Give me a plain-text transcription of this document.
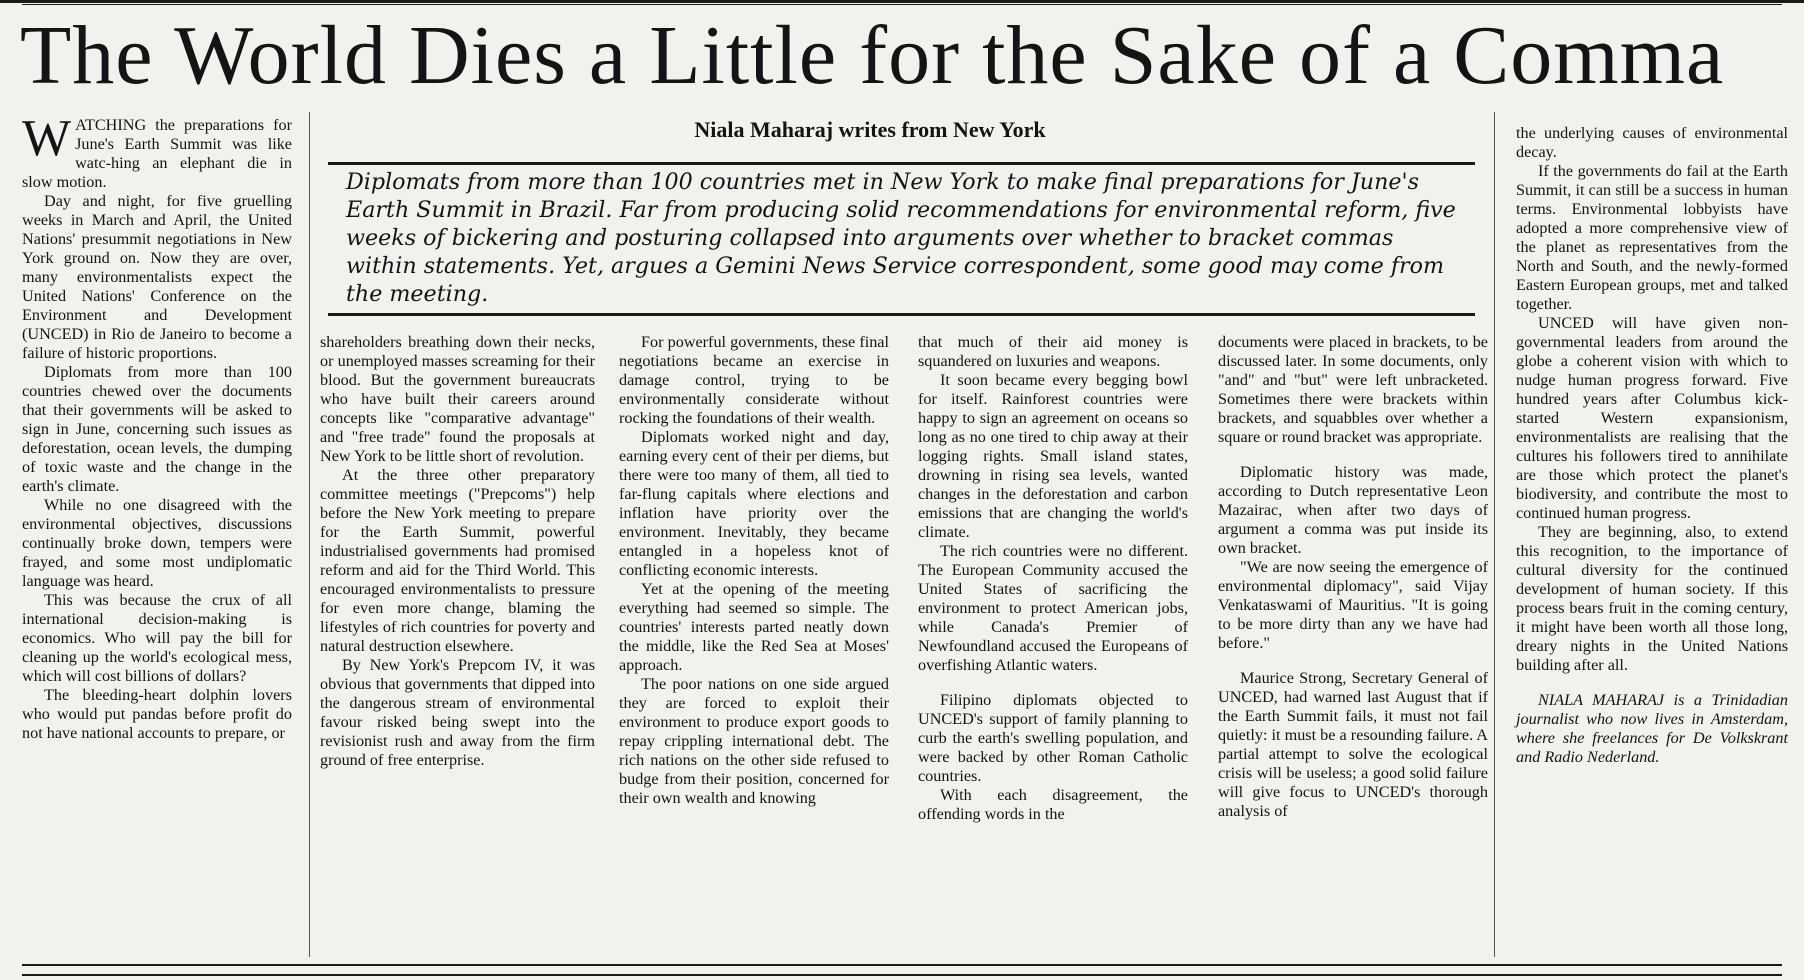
The World Dies a Little for the Sake of a Comma

WATCHING the preparations for June's Earth Summit was like watc-hing an elephant die in slow motion.

Day and night, for five gruelling weeks in March and April, the United Nations' presummit negotiations in New York ground on. Now they are over, many environmentalists expect the United Nations' Conference on the Environment and Development (UNCED) in Rio de Janeiro to become a failure of historic proportions.

Diplomats from more than 100 countries chewed over the documents that their governments will be asked to sign in June, concerning such issues as deforestation, ocean levels, the dumping of toxic waste and the change in the earth's climate.

While no one disagreed with the environmental objectives, discussions continually broke down, tempers were frayed, and some most undiplomatic language was heard.

This was because the crux of all international decision-making is economics. Who will pay the bill for cleaning up the world's ecological mess, which will cost billions of dollars?

The bleeding-heart dolphin lovers who would put pandas before profit do not have national accounts to prepare, or

Niala Maharaj writes from New York

Diplomats from more than 100 countries met in New York to make final preparations for June's Earth Summit in Brazil. Far from producing solid recommendations for environmental reform, five weeks of bickering and posturing collapsed into arguments over whether to bracket commas within statements. Yet, argues a Gemini News Service correspondent, some good may come from the meeting.

shareholders breathing down their necks, or unemployed masses screaming for their blood. But the government bureaucrats who have built their careers around concepts like "comparative advantage" and "free trade" found the proposals at New York to be little short of revolution.

At the three other preparatory committee meetings ("Prepcoms") help before the New York meeting to prepare for the Earth Summit, powerful industrialised governments had promised reform and aid for the Third World. This encouraged environmentalists to pressure for even more change, blaming the lifestyles of rich countries for poverty and natural destruction elsewhere.

By New York's Prepcom IV, it was obvious that governments that dipped into the dangerous stream of environmental favour risked being swept into the revisionist rush and away from the firm ground of free enterprise.

For powerful governments, these final negotiations became an exercise in damage control, trying to be environmentally considerate without rocking the foundations of their wealth.

Diplomats worked night and day, earning every cent of their per diems, but there were too many of them, all tied to far-flung capitals where elections and inflation have priority over the environment. Inevitably, they became entangled in a hopeless knot of conflicting economic interests.

Yet at the opening of the meeting everything had seemed so simple. The countries' interests parted neatly down the middle, like the Red Sea at Moses' approach.

The poor nations on one side argued they are forced to exploit their environment to produce export goods to repay crippling international debt. The rich nations on the other side refused to budge from their position, concerned for their own wealth and knowing

that much of their aid money is squandered on luxuries and weapons.

It soon became every begging bowl for itself. Rainforest countries were happy to sign an agreement on oceans so long as no one tired to chip away at their logging rights. Small island states, drowning in rising sea levels, wanted changes in the deforestation and carbon emissions that are changing the world's climate.

The rich countries were no different. The European Community accused the United States of sacrificing the environment to protect American jobs, while Canada's Premier of Newfoundland accused the Europeans of overfishing Atlantic waters.

Filipino diplomats objected to UNCED's support of family planning to curb the earth's swelling population, and were backed by other Roman Catholic countries.

With each disagreement, the offending words in the

documents were placed in brackets, to be discussed later. In some documents, only "and" and "but" were left unbracketed. Sometimes there were brackets within brackets, and squabbles over whether a square or round bracket was appropriate.

Diplomatic history was made, according to Dutch representative Leon Mazairac, when after two days of argument a comma was put inside its own bracket.

"We are now seeing the emergence of environmental diplomacy", said Vijay Venkataswami of Mauritius. "It is going to be more dirty than any we have had before."

Maurice Strong, Secretary General of UNCED, had warned last August that if the Earth Summit fails, it must not fail quietly: it must be a resounding failure. A partial attempt to solve the ecological crisis will be useless; a good solid failure will give focus to UNCED's thorough analysis of

the underlying causes of environmental decay.

If the governments do fail at the Earth Summit, it can still be a success in human terms. Environmental lobbyists have adopted a more comprehensive view of the planet as representatives from the North and South, and the newly-formed Eastern European groups, met and talked together.

UNCED will have given non-governmental leaders from around the globe a coherent vision with which to nudge human progress forward. Five hundred years after Columbus kick-started Western expansionism, environmentalists are realising that the cultures his followers tired to annihilate are those which protect the planet's biodiversity, and contribute the most to continued human progress.

They are beginning, also, to extend this recognition, to the importance of cultural diversity for the continued development of human society. If this process bears fruit in the coming century, it might have been worth all those long, dreary nights in the United Nations building after all.

NIALA MAHARAJ is a Trinidadian journalist who now lives in Amsterdam, where she freelances for De Volkskrant and Radio Nederland.
